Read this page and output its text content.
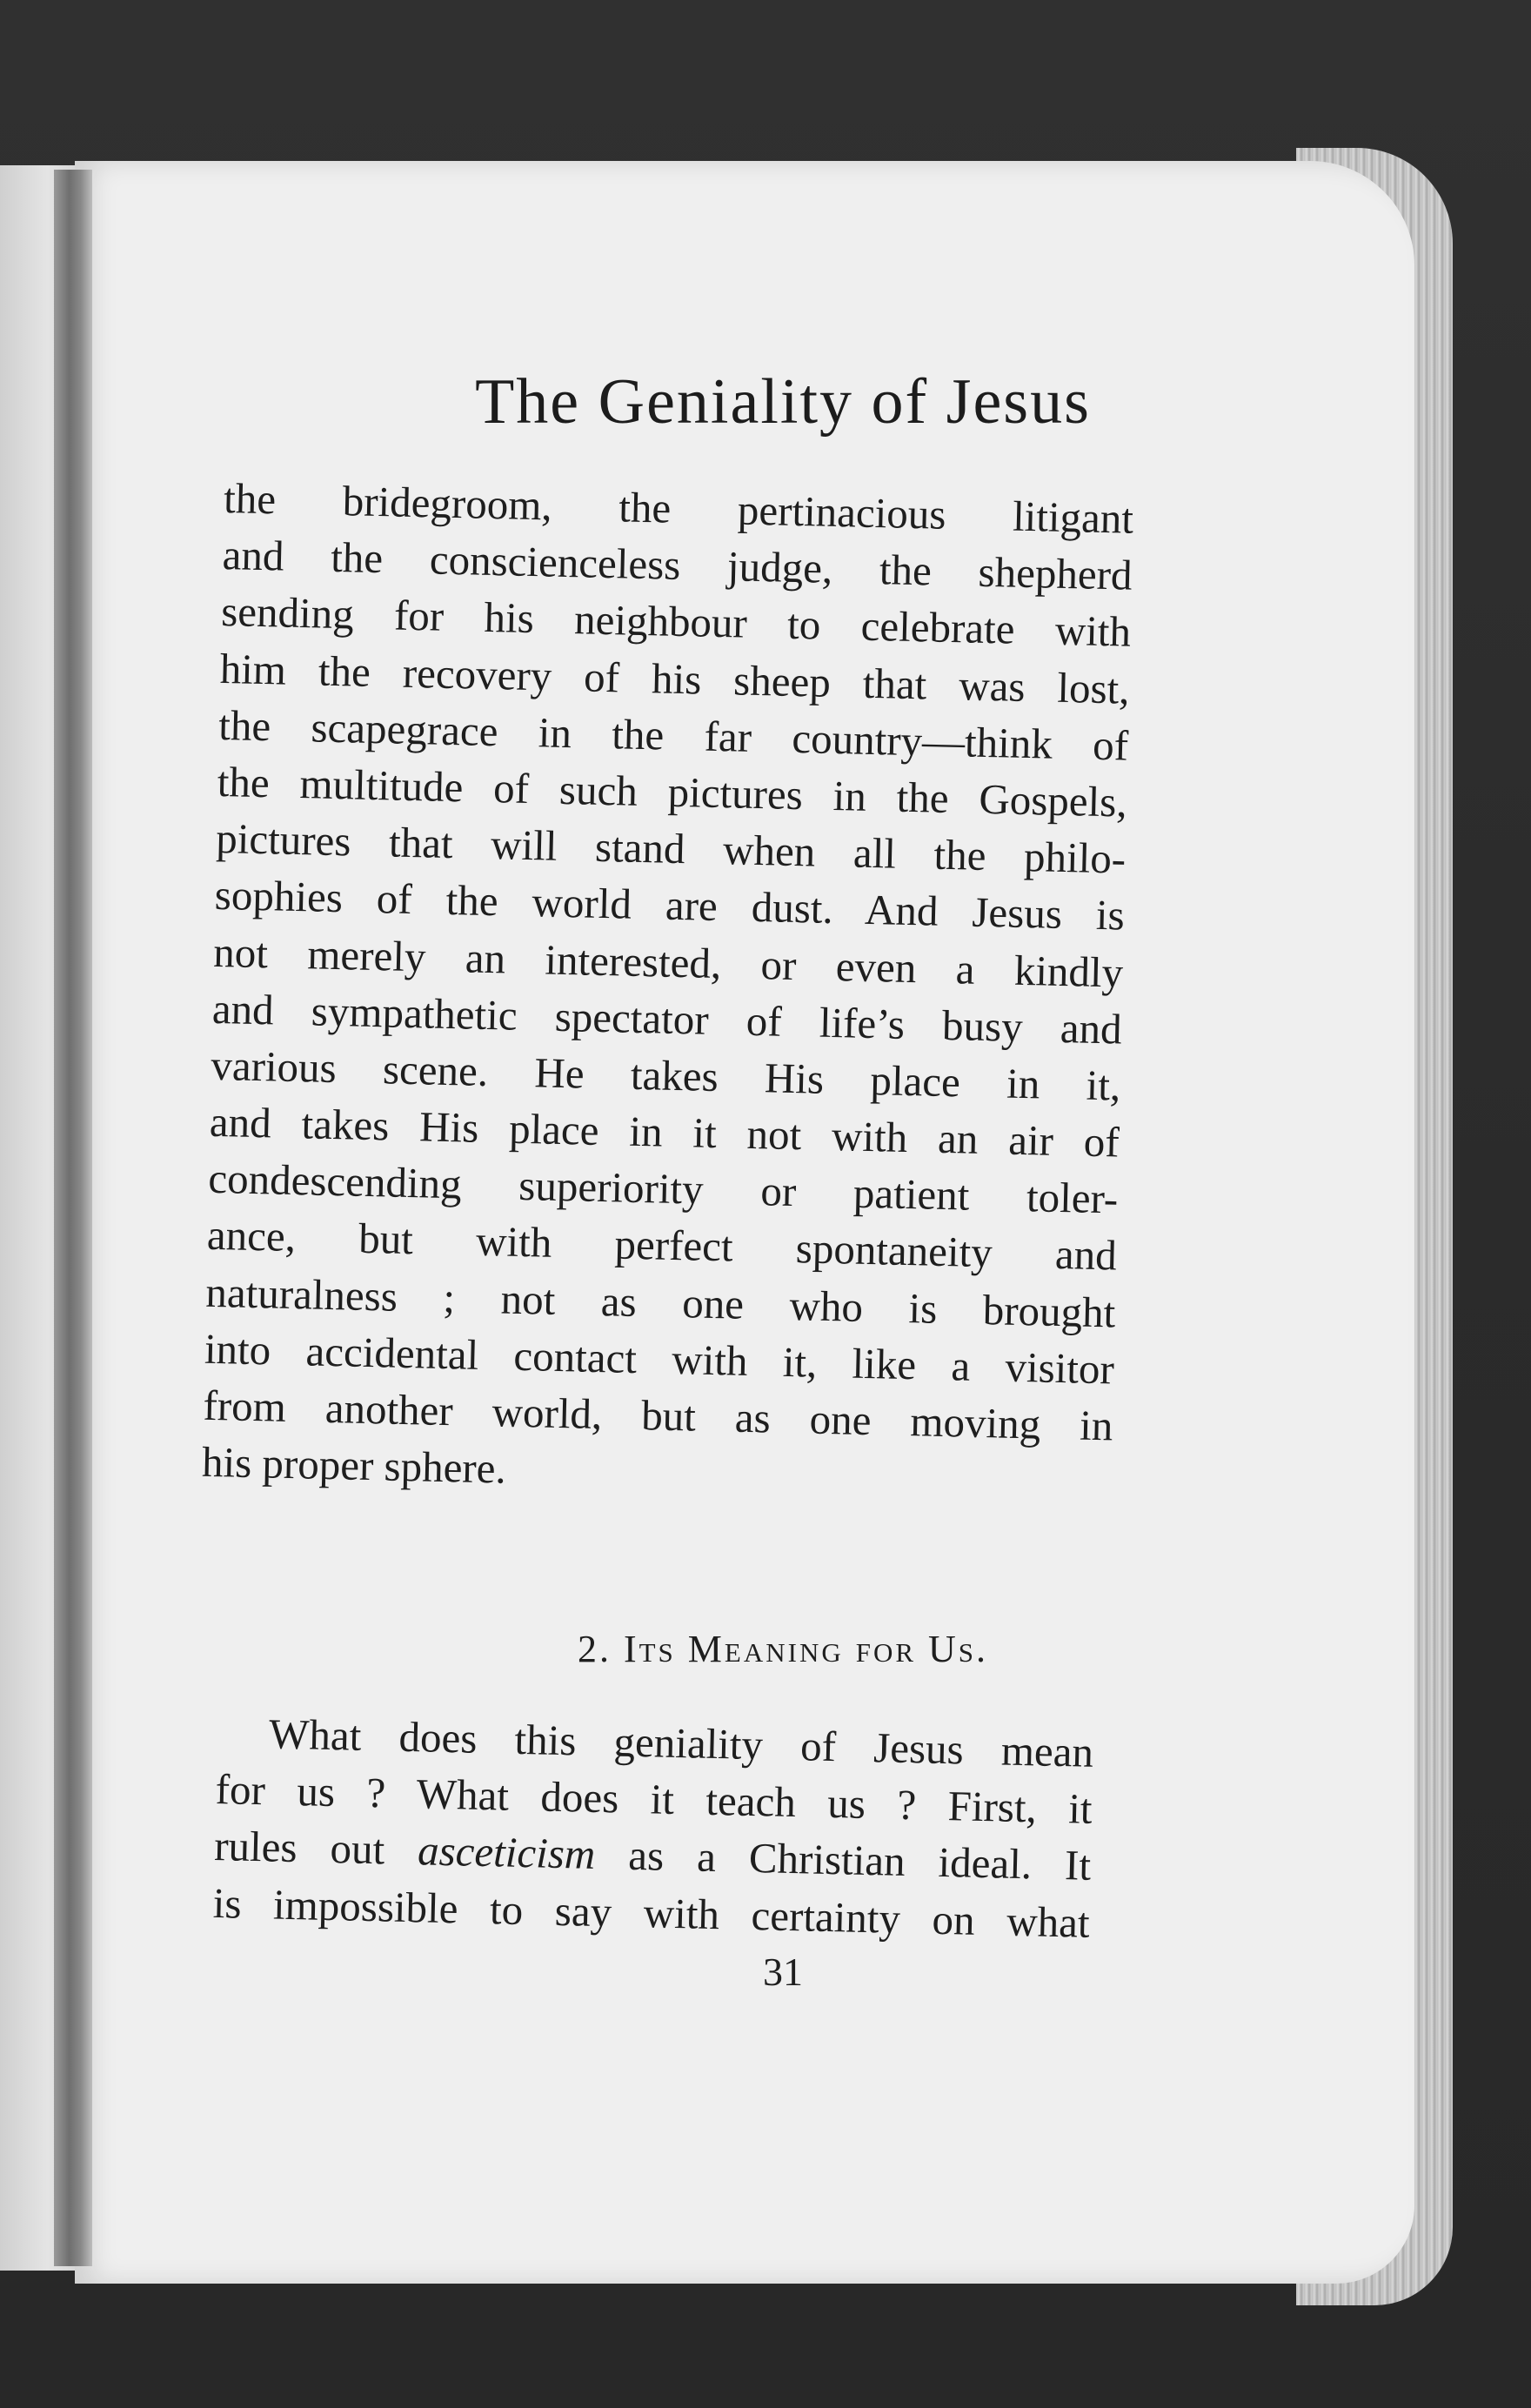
The Geniality of Jesus
the bridegroom, the pertinacious litigant
and the conscienceless judge, the shepherd
sending for his neighbour to celebrate with
him the recovery of his sheep that was lost,
the scapegrace in the far country—think of
the multitude of such pictures in the Gospels,
pictures that will stand when all the philo-
sophies of the world are dust. And Jesus is
not merely an interested, or even a kindly
and sympathetic spectator of life’s busy and
various scene. He takes His place in it,
and takes His place in it not with an air of
condescending superiority or patient toler-
ance, but with perfect spontaneity and
naturalness ; not as one who is brought
into accidental contact with it, like a visitor
from another world, but as one moving in
his proper sphere.
2. Its Meaning for Us.
What does this geniality of Jesus mean
for us ? What does it teach us ? First, it
rules out asceticism as a Christian ideal. It
is impossible to say with certainty on what
31
